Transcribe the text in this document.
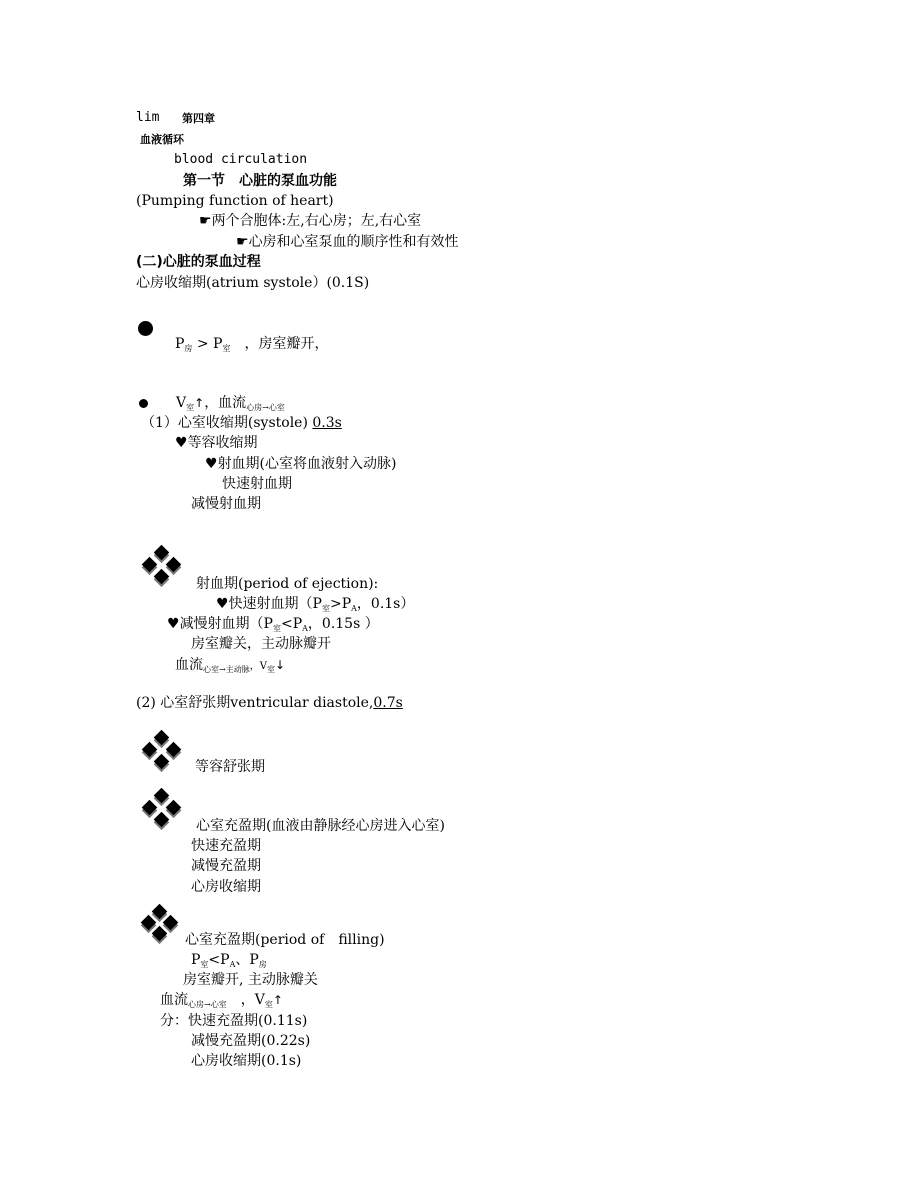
lim 第四章
血液循环
blood circulation
第一节　心脏的泵血功能
(Pumping function of heart)
☛两个合胞体:左,右心房；左,右心室
☛心房和心室泵血的顺序性和有效性
(二)心脏的泵血过程
心房收缩期(atrium systole）(0.1S)
$P_房 > P_室$　，房室瓣开，
$V_室↑$，血流$_{心房\to 心室}$
（1）心室收缩期(systole) 0.3s
♥等容收缩期
♥射血期(心室将血液射入动脉)
快速射血期
减慢射血期
射血期(period of ejection):
♥快速射血期（$P_室>P_A$，0.1s）
♥减慢射血期（$P_室<P_A$，0.15s ）
房室瓣关，主动脉瓣开
血流$_{心室\to 主动脉}$，$V_室↓$
(2) 心室舒张期ventricular diastole,0.7s
等容舒张期
心室充盈期(血液由静脉经心房进入心室)
快速充盈期
减慢充盈期
心房收缩期
心室充盈期(period of　filling)
$P_室<P_A$、$P_房$
房室瓣开, 主动脉瓣关
血流$_{心房\to 心室}$　，$V_室↑$
分：快速充盈期(0.11s)
减慢充盈期(0.22s)
心房收缩期(0.1s)
